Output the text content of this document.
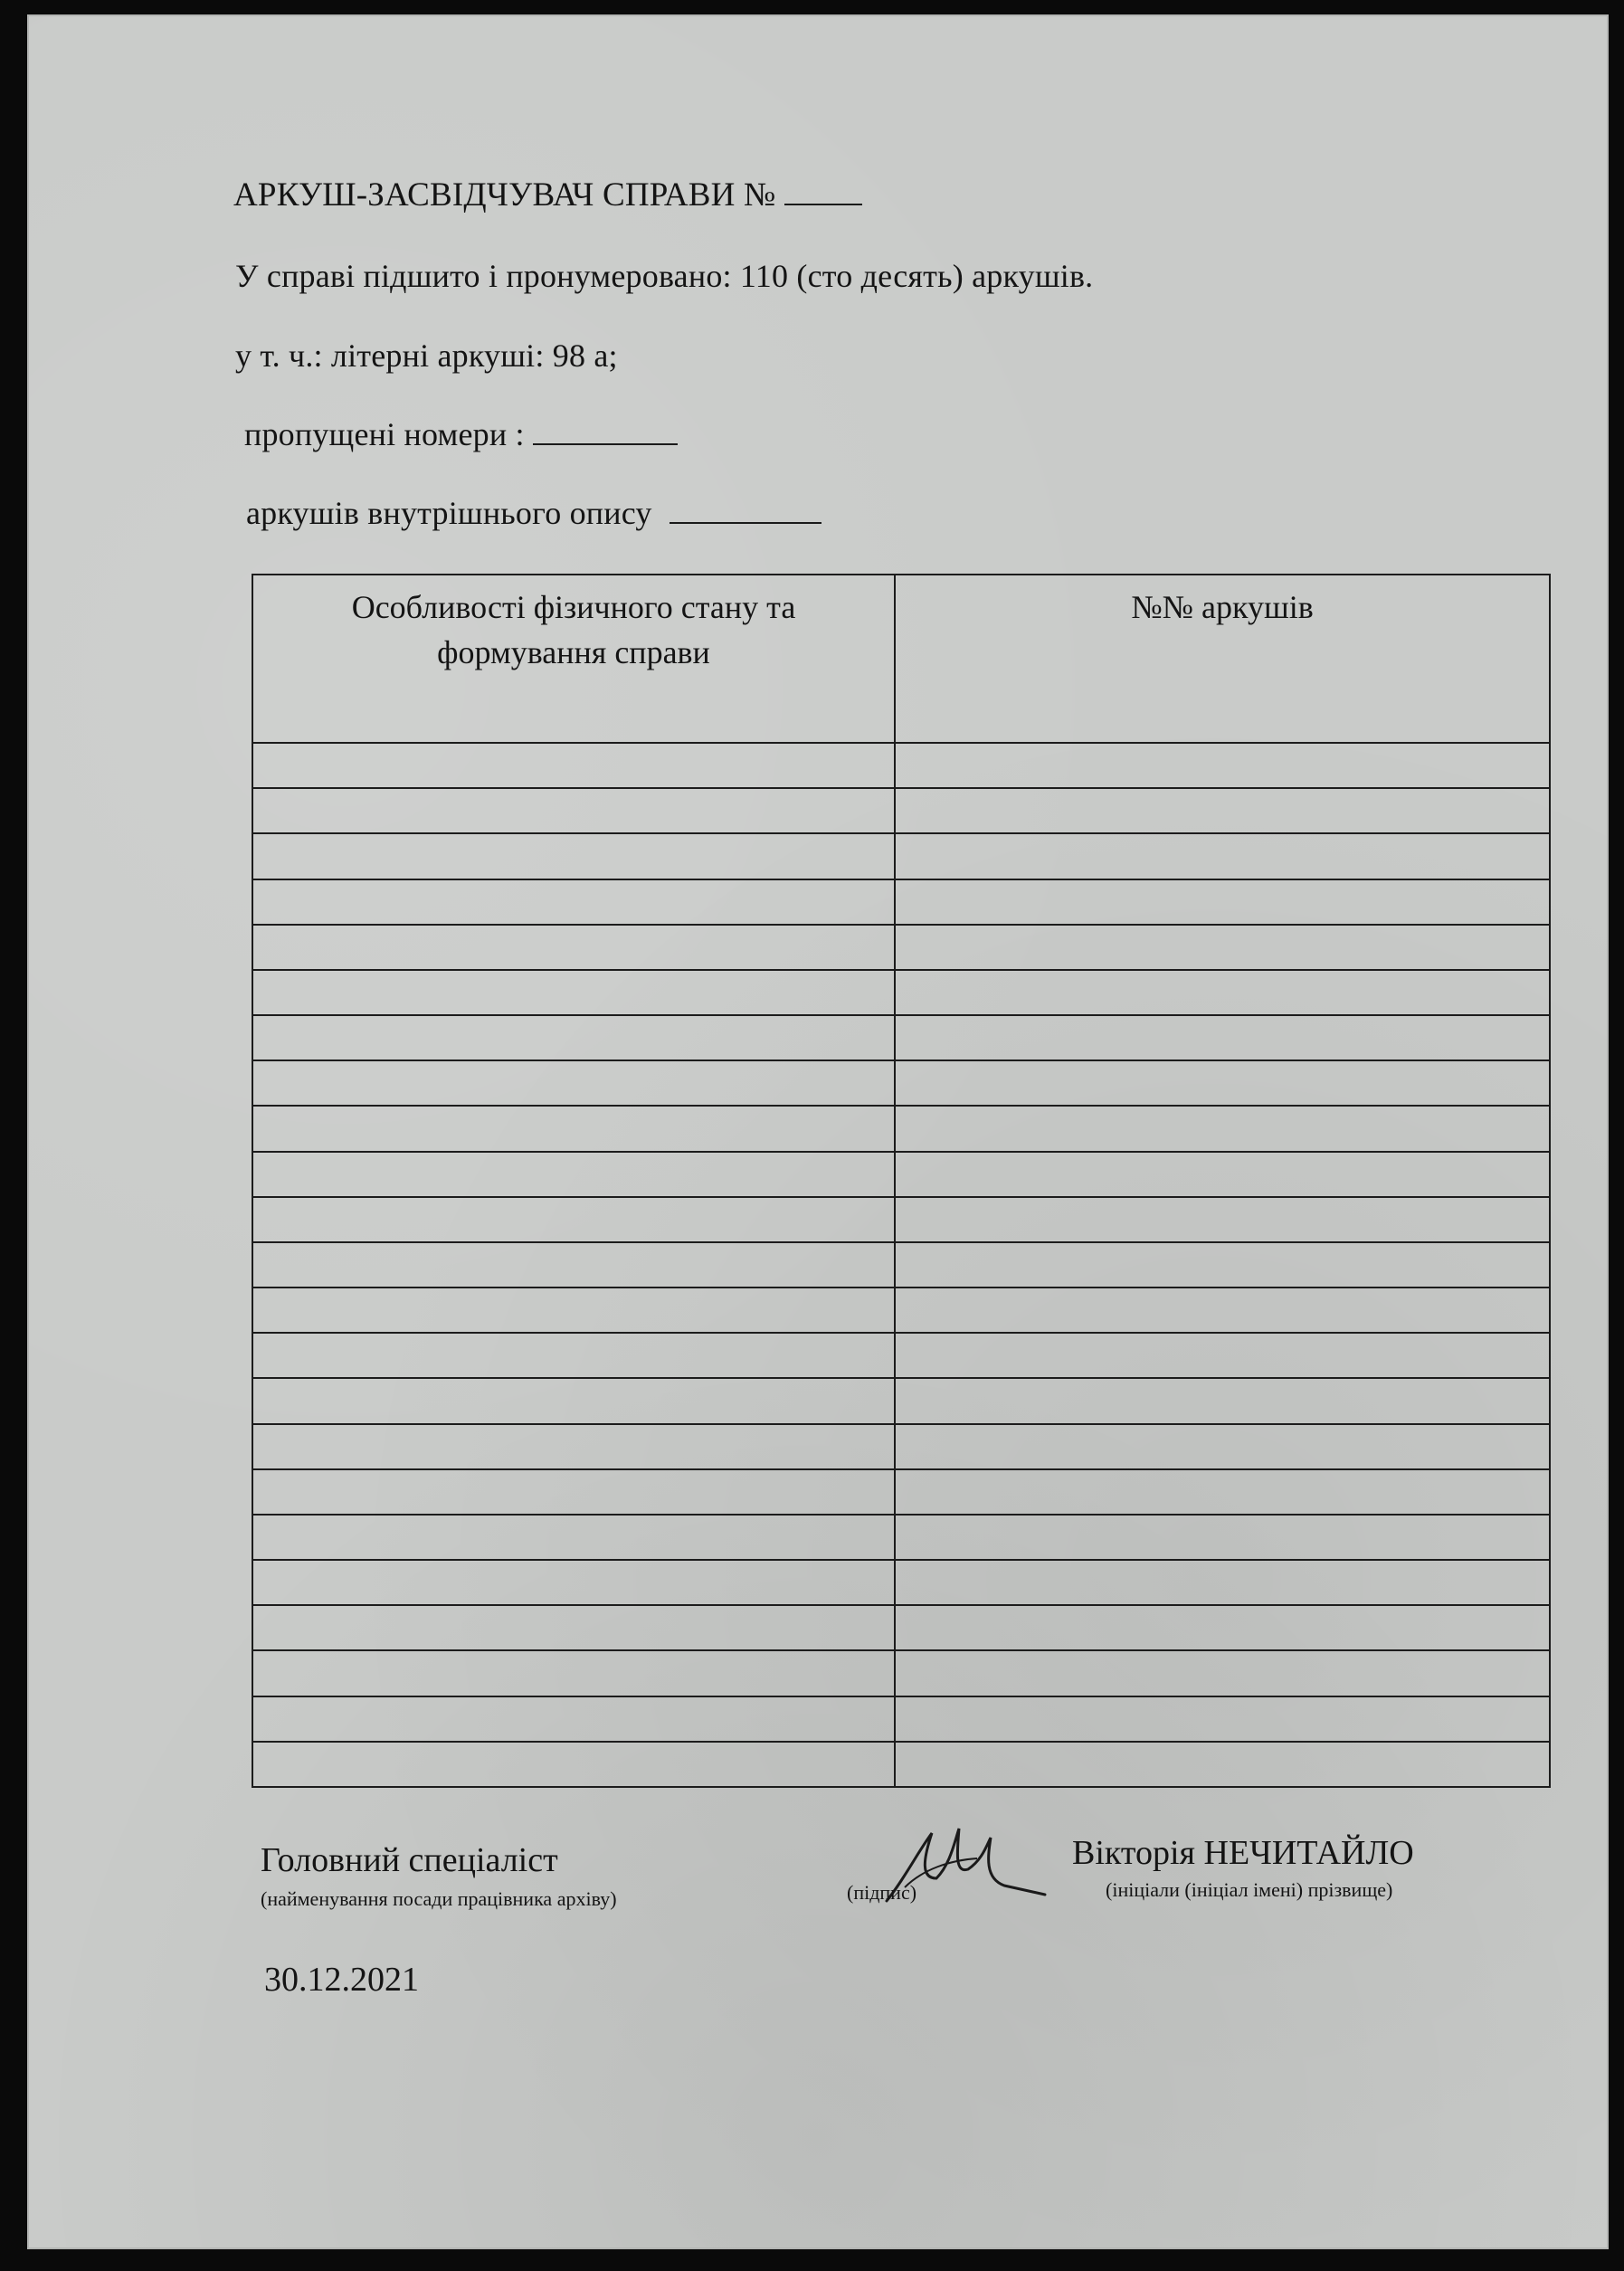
АРКУШ-ЗАСВІДЧУВАЧ СПРАВИ №
У справі підшито і пронумеровано: 110 (сто десять) аркушів.
у т. ч.: літерні аркуші: 98 а;
пропущені номери :
аркушів внутрішнього опису
Особливості фізичного стану та формування справи	№№ аркушів

Головний спеціаліст
(найменування посади працівника архіву)	(підпис)
Вікторія НЕЧИТАЙЛО
(ініціали (ініціал імені) прізвище)
30.12.2021
